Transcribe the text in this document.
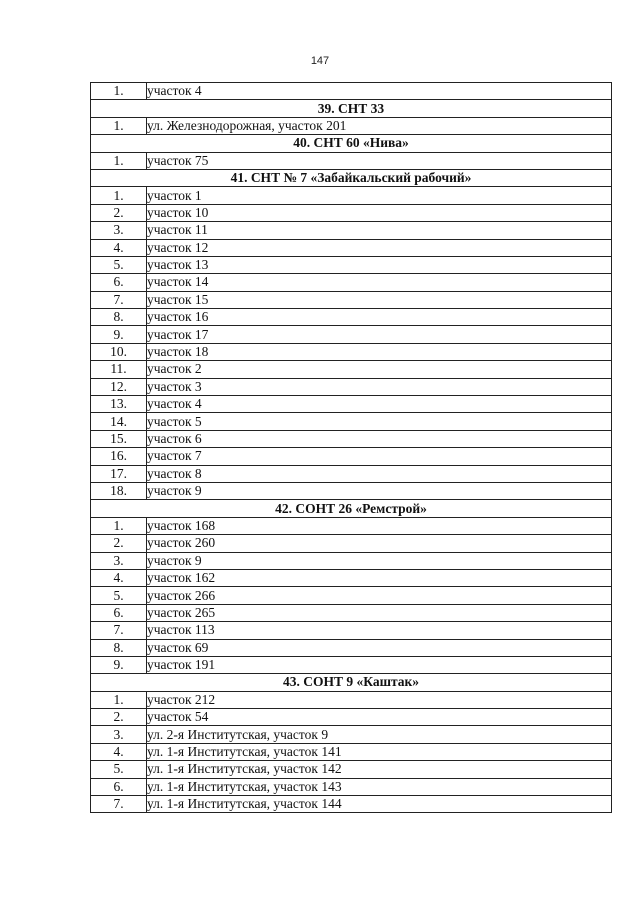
147
1.	участок 4
39. СНТ 33	
1.	ул. Железнодорожная, участок 201
40. СНТ 60 «Нива»	
1.	участок 75
41. СНТ № 7 «Забайкальский рабочий»	
1.	участок 1
2.	участок 10
3.	участок 11
4.	участок 12
5.	участок 13
6.	участок 14
7.	участок 15
8.	участок 16
9.	участок 17
10.	участок 18
11.	участок 2
12.	участок 3
13.	участок 4
14.	участок 5
15.	участок 6
16.	участок 7
17.	участок 8
18.	участок 9
42. СОНТ 26 «Ремстрой»	
1.	участок 168
2.	участок 260
3.	участок 9
4.	участок 162
5.	участок 266
6.	участок 265
7.	участок 113
8.	участок 69
9.	участок 191
43. СОНТ 9 «Каштак»	
1.	участок 212
2.	участок 54
3.	ул. 2-я Институтская, участок 9
4.	ул. 1-я Институтская, участок 141
5.	ул. 1-я Институтская, участок 142
6.	ул. 1-я Институтская, участок 143
7.	ул. 1-я Институтская, участок 144
